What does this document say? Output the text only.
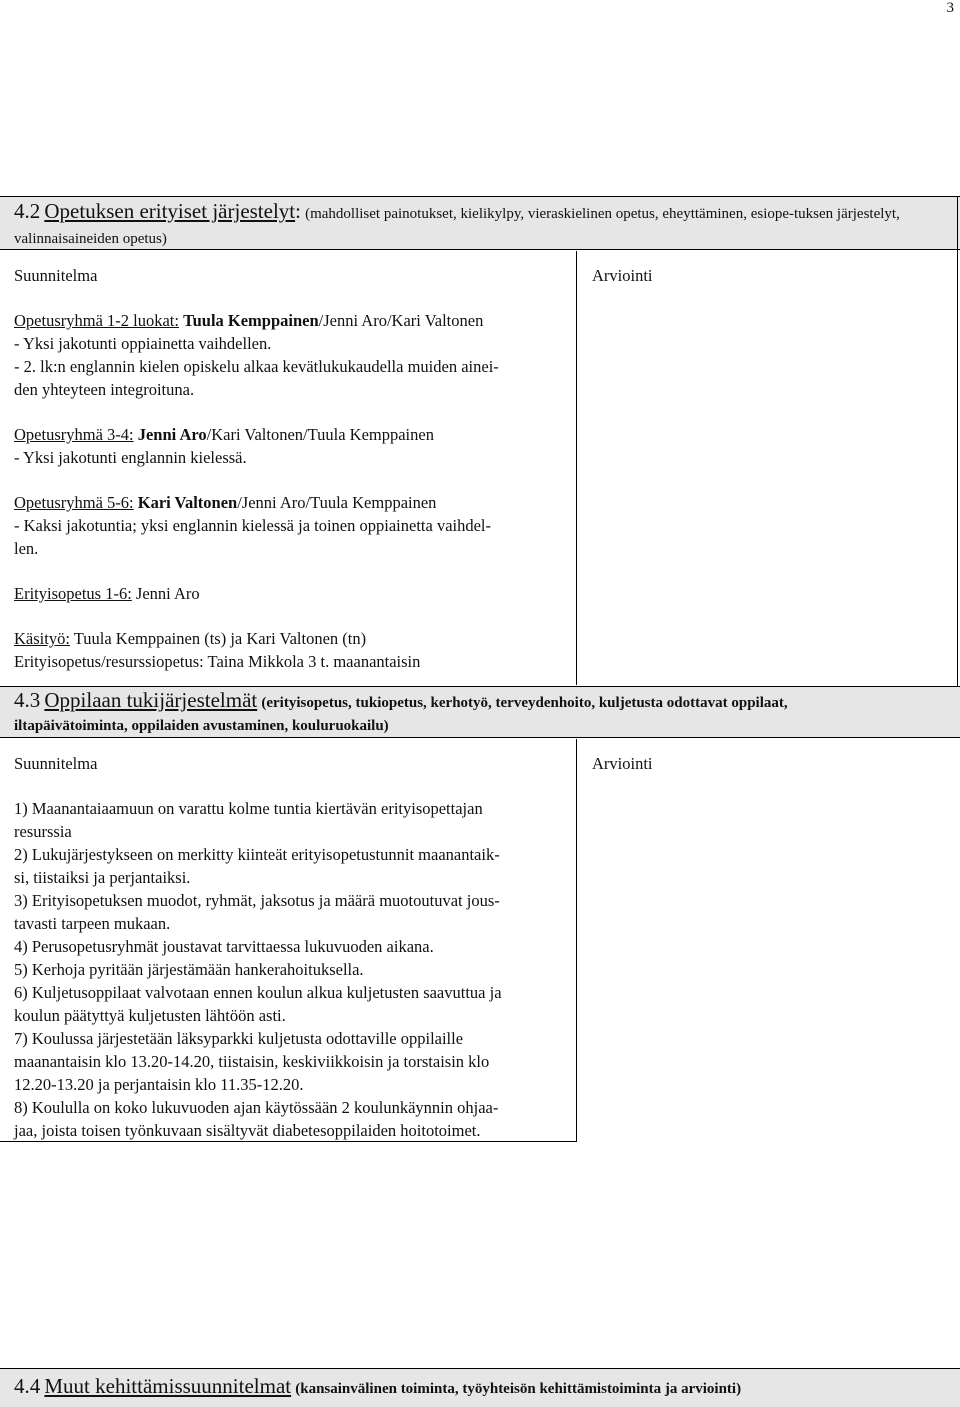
3
4.2 Opetuksen erityiset järjestelyt: (mahdolliset painotukset, kielikylpy, vieraskielinen opetus, eheyttäminen, esiope-tuksen järjestelyt, valinnaisaineiden opetus)

Suunnitelma

Opetusryhmä 1-2 luokat: Tuula Kemppainen/Jenni Aro/Kari Valtonen

- Yksi jakotunti oppiainetta vaihdellen.

- 2. lk:n englannin kielen opiskelu alkaa kevätlukukaudella muiden ainei-

den yhteyteen integroituna.

Opetusryhmä 3-4: Jenni Aro/Kari Valtonen/Tuula Kemppainen

- Yksi jakotunti englannin kielessä.

Opetusryhmä 5-6: Kari Valtonen/Jenni Aro/Tuula Kemppainen

- Kaksi jakotuntia; yksi englannin kielessä ja toinen oppiainetta vaihdel-

len.

Erityisopetus 1-6: Jenni Aro

Käsityö: Tuula Kemppainen (ts) ja Kari Valtonen (tn)

Erityisopetus/resurssiopetus: Taina Mikkola 3 t. maanantaisin

Arviointi

4.3 Oppilaan tukijärjestelmät (erityisopetus, tukiopetus, kerhotyö, terveydenhoito, kuljetusta odottavat oppilaat,
iltapäivätoiminta, oppilaiden avustaminen, kouluruokailu)

Suunnitelma

1) Maanantaiaamuun on varattu kolme tuntia kiertävän erityisopettajan

resurssia

2) Lukujärjestykseen on merkitty kiinteät erityisopetustunnit maanantaik-

si, tiistaiksi ja perjantaiksi.

3) Erityisopetuksen muodot, ryhmät, jaksotus ja määrä muotoutuvat jous-

tavasti tarpeen mukaan.

4) Perusopetusryhmät joustavat tarvittaessa lukuvuoden aikana.

5) Kerhoja pyritään järjestämään hankerahoituksella.

6) Kuljetusoppilaat valvotaan ennen koulun alkua kuljetusten saavuttua ja

koulun päätyttyä kuljetusten lähtöön asti.

7) Koulussa järjestetään läksyparkki kuljetusta odottaville oppilaille

maanantaisin klo 13.20-14.20, tiistaisin, keskiviikkoisin ja torstaisin klo

12.20-13.20 ja perjantaisin klo 11.35-12.20.

8) Koululla on koko lukuvuoden ajan käytössään 2 koulunkäynnin ohjaa-

jaa, joista toisen työnkuvaan sisältyvät diabetesoppilaiden hoitotoimet.

Arviointi

4.4 Muut kehittämissuunnitelmat (kansainvälinen toiminta, työyhteisön kehittämistoiminta ja arviointi)
